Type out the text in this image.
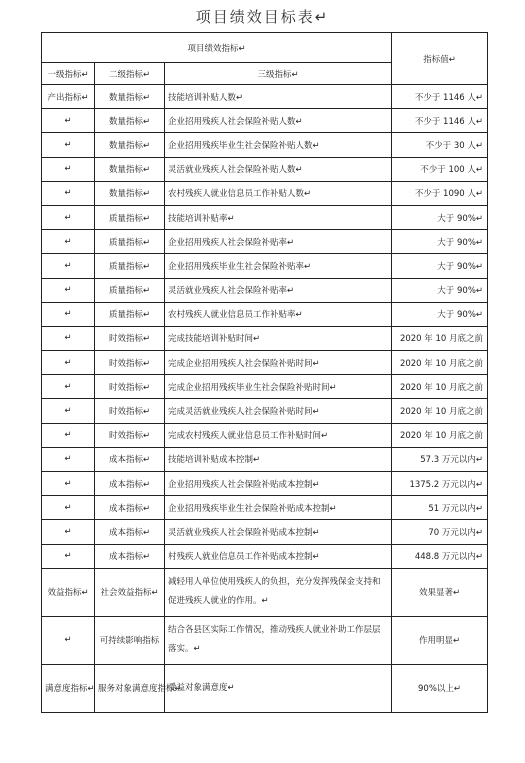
项目绩效目标表↵
项目绩效指标↵			指标值↵
一级指标↵	二级指标↵	三级指标↵	
产出指标↵	数量指标↵	技能培训补贴人数↵	不少于 1146 人↵
↵	数量指标↵	企业招用残疾人社会保险补贴人数↵	不少于 1146 人↵
↵	数量指标↵	企业招用残疾毕业生社会保险补贴人数↵	不少于 30 人↵
↵	数量指标↵	灵活就业残疾人社会保险补贴人数↵	不少于 100 人↵
↵	数量指标↵	农村残疾人就业信息员工作补贴人数↵	不少于 1090 人↵
↵	质量指标↵	技能培训补贴率↵	大于 90%↵
↵	质量指标↵	企业招用残疾人社会保险补贴率↵	大于 90%↵
↵	质量指标↵	企业招用残疾毕业生社会保险补贴率↵	大于 90%↵
↵	质量指标↵	灵活就业残疾人社会保险补贴率↵	大于 90%↵
↵	质量指标↵	农村残疾人就业信息员工作补贴率↵	大于 90%↵
↵	时效指标↵	完成技能培训补贴时间↵	2020 年 10 月底之前
↵	时效指标↵	完成企业招用残疾人社会保险补贴时间↵	2020 年 10 月底之前
↵	时效指标↵	完成企业招用残疾毕业生社会保险补贴时间↵	2020 年 10 月底之前
↵	时效指标↵	完成灵活就业残疾人社会保险补贴时间↵	2020 年 10 月底之前
↵	时效指标↵	完成农村残疾人就业信息员工作补贴时间↵	2020 年 10 月底之前
↵	成本指标↵	技能培训补贴成本控制↵	57.3 万元以内↵
↵	成本指标↵	企业招用残疾人社会保险补贴成本控制↵	1375.2 万元以内↵
↵	成本指标↵	企业招用残疾毕业生社会保险补贴成本控制↵	51 万元以内↵
↵	成本指标↵	灵活就业残疾人社会保险补贴成本控制↵	70 万元以内↵
↵	成本指标↵	村残疾人就业信息员工作补贴成本控制↵	448.8 万元以内↵
效益指标↵	社会效益指标↵	减轻用人单位使用残疾人的负担，充分发挥残保金支持和促进残疾人就业的作用。↵	效果显著↵
↵	可持续影响指标	结合各县区实际工作情况，推动残疾人就业补助工作层层落实。↵	作用明显↵
满意度指标↵	服务对象满意度指标↵	受益对象满意度↵	90%以上↵
